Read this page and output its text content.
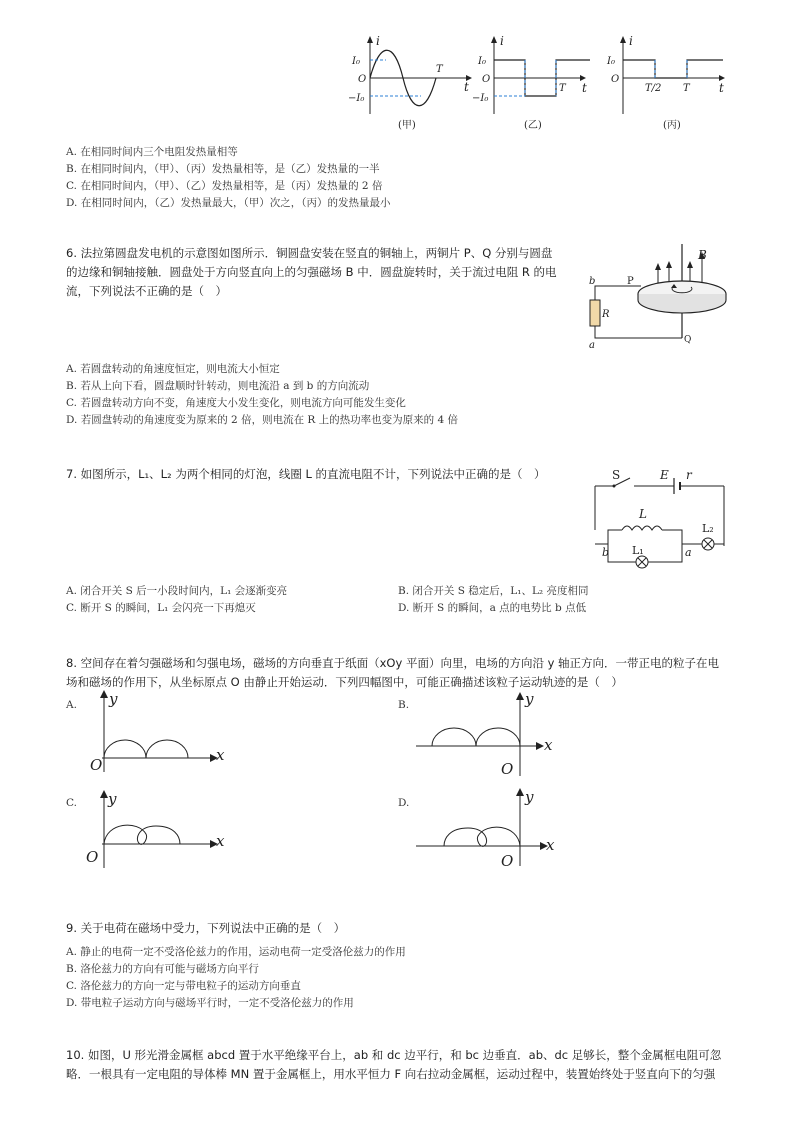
i
t
I₀
−I₀
O
T
(甲)
i
t
I₀
−I₀
O
T
(乙)
i
t
I₀
O
T/2 T
(丙)
A. 在相同时间内三个电阻发热量相等
B. 在相同时间内，（甲）、（丙）发热量相等，是（乙）发热量的一半
C. 在相同时间内，（甲）、（乙）发热量相等，是（丙）发热量的 2 倍
D. 在相同时间内，（乙）发热量最大，（甲）次之，（丙）的发热量最小
6. 法拉第圆盘发电机的示意图如图所示．铜圆盘安装在竖直的铜轴上，两铜片 P、Q 分别与圆盘
的边缘和铜轴接触．圆盘处于方向竖直向上的匀强磁场 B 中．圆盘旋转时，关于流过电阻 R 的电
流，下列说法不正确的是（　）
B
P
Q
R
b
a
A. 若圆盘转动的角速度恒定，则电流大小恒定
B. 若从上向下看，圆盘顺时针转动，则电流沿 a 到 b 的方向流动
C. 若圆盘转动方向不变，角速度大小发生变化，则电流方向可能发生变化
D. 若圆盘转动的角速度变为原来的 2 倍，则电流在 R 上的热功率也变为原来的 4 倍
7. 如图所示，L₁、L₂ 为两个相同的灯泡，线圈 L 的直流电阻不计，下列说法中正确的是（　）	S	E r
L
L₁
L₂
b	a
A. 闭合开关 S 后一小段时间内，L₁ 会逐渐变亮	B. 闭合开关 S 稳定后，L₁、L₂ 亮度相同
C. 断开 S 的瞬间，L₁ 会闪亮一下再熄灭	D. 断开 S 的瞬间，a 点的电势比 b 点低
8. 空间存在着匀强磁场和匀强电场，磁场的方向垂直于纸面（xOy 平面）向里，电场的方向沿 y 轴正方向．一带正电的粒子在电
场和磁场的作用下，从坐标原点 O 由静止开始运动．下列四幅图中，可能正确描述该粒子运动轨迹的是（　）
A. y
x
O
B.	y
x
O
C. y
x
O
D.	y
x
O
9. 关于电荷在磁场中受力，下列说法中正确的是（　）
A. 静止的电荷一定不受洛伦兹力的作用，运动电荷一定受洛伦兹力的作用
B. 洛伦兹力的方向有可能与磁场方向平行
C. 洛伦兹力的方向一定与带电粒子的运动方向垂直
D. 带电粒子运动方向与磁场平行时，一定不受洛伦兹力的作用
10. 如图，U 形光滑金属框 abcd 置于水平绝缘平台上，ab 和 dc 边平行，和 bc 边垂直．ab、dc 足够长，整个金属框电阻可忽
略．一根具有一定电阻的导体棒 MN 置于金属框上，用水平恒力 F 向右拉动金属框，运动过程中，装置始终处于竖直向下的匀强
